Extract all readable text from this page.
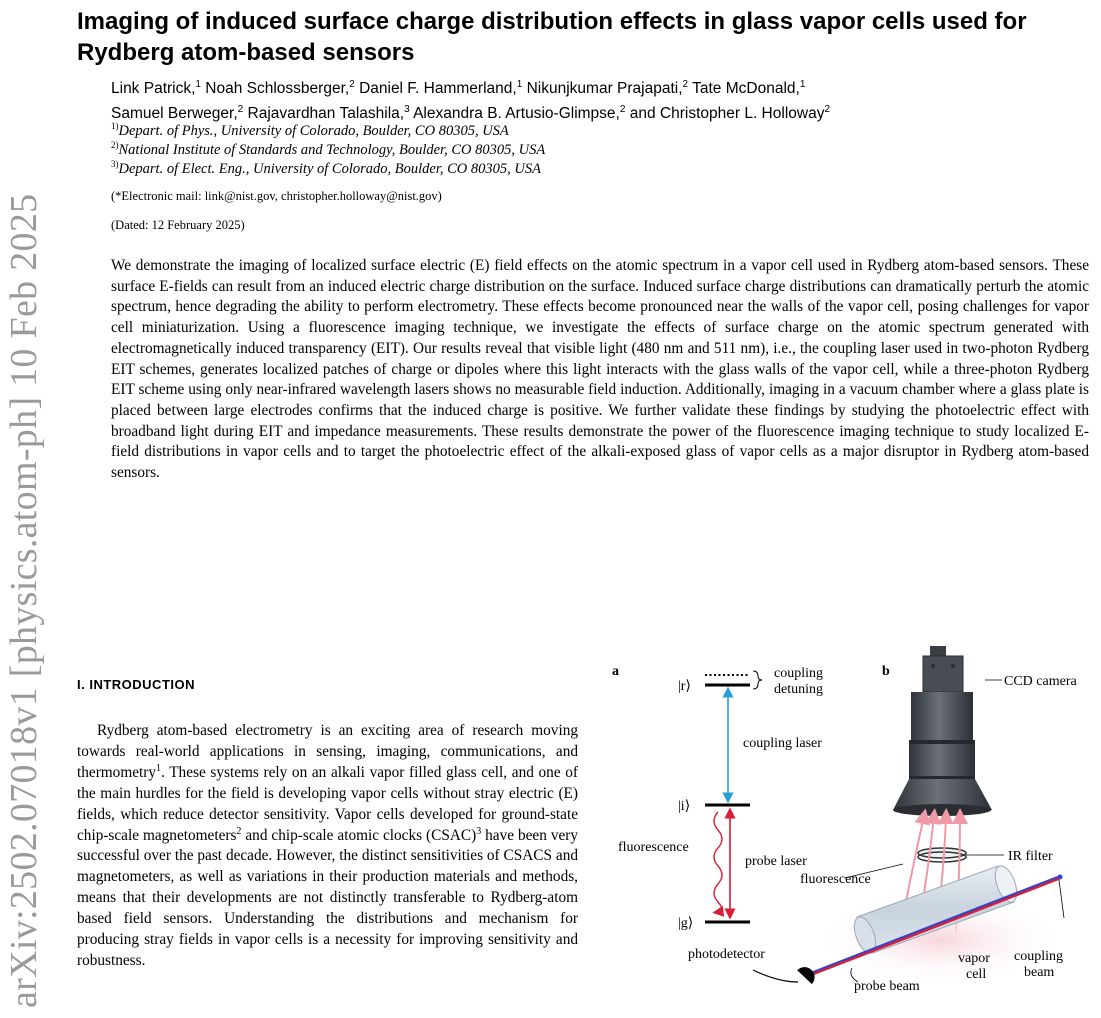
arXiv:2502.07018v1 [physics.atom-ph] 10 Feb 2025
Imaging of induced surface charge distribution effects in glass vapor cells used for Rydberg atom-based sensors
Link Patrick,$^1$ Noah Schlossberger,$^2$ Daniel F. Hammerland,$^1$ Nikunjkumar Prajapati,$^2$ Tate McDonald,$^1$
Samuel Berweger,$^2$ Rajavardhan Talashila,$^3$ Alexandra B. Artusio-Glimpse,$^2$ and Christopher L. Holloway$^2$
$^{1)}$Depart. of Phys., University of Colorado, Boulder, CO 80305, USA
$^{2)}$National Institute of Standards and Technology, Boulder, CO 80305, USA
$^{3)}$Depart. of Elect. Eng., University of Colorado, Boulder, CO 80305, USA
(*Electronic mail: link@nist.gov, christopher.holloway@nist.gov)
(Dated: 12 February 2025)

We demonstrate the imaging of localized surface electric (E) field effects on the atomic spectrum in a vapor cell used in Rydberg atom-based sensors. These surface E-fields can result from an induced electric charge distribution on the surface. Induced surface charge distributions can dramatically perturb the atomic spectrum, hence degrading the ability to perform electrometry. These effects become pronounced near the walls of the vapor cell, posing challenges for vapor cell miniaturization. Using a fluorescence imaging technique, we investigate the effects of surface charge on the atomic spectrum generated with electromagnetically induced transparency (EIT). Our results reveal that visible light (480 nm and 511 nm), i.e., the coupling laser used in two-photon Rydberg EIT schemes, generates localized patches of charge or dipoles where this light interacts with the glass walls of the vapor cell, while a three-photon Rydberg EIT scheme using only near-infrared wavelength lasers shows no measurable field induction. Additionally, imaging in a vacuum chamber where a glass plate is placed between large electrodes confirms that the induced charge is positive. We further validate these findings by studying the photoelectric effect with broadband light during EIT and impedance measurements. These results demonstrate the power of the fluorescence imaging technique to study localized E-field distributions in vapor cells and to target the photoelectric effect of the alkali-exposed glass of vapor cells as a major disruptor in Rydberg atom-based sensors.

I. INTRODUCTION

Rydberg atom-based electrometry is an exciting area of research moving towards real-world applications in sensing, imaging, communications, and thermometry$^1$. These systems rely on an alkali vapor filled glass cell, and one of the main hurdles for the field is developing vapor cells without stray electric (E) fields, which reduce detector sensitivity. Vapor cells developed for ground-state chip-scale magnetometers$^2$ and chip-scale atomic clocks (CSAC)$^3$ have been very successful over the past decade. However, the distinct sensitivities of CSACS and magnetometers, as well as variations in their production materials and methods, means that their developments are not distinctly transferable to Rydberg-atom based field sensors. Understanding the distributions and mechanism for producing stray fields in vapor cells is a necessity for improving sensitivity and robustness.

a	coupling
detuning
|r⟩
|i⟩
|g⟩
coupling laser
probe laser
fluorescence
b
CCD camera
IR filter
fluorescence
photodetector
probe beam
vapor
cell
coupling
beam
